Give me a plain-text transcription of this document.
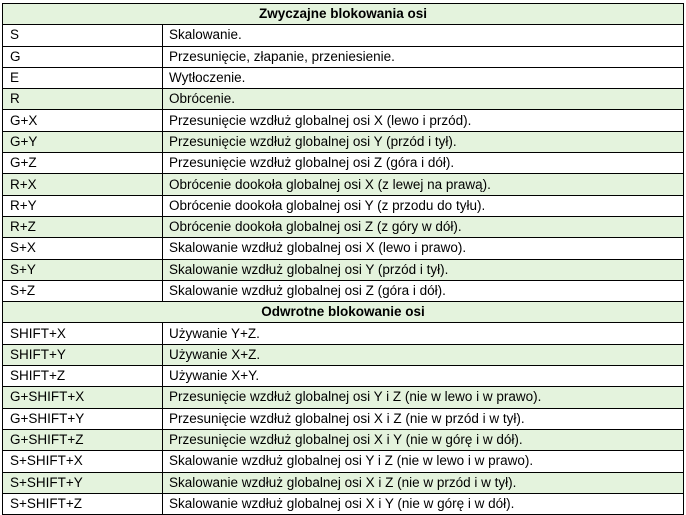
Zwyczajne blokowania osi	
S	Skalowanie.
G	Przesunięcie, złapanie, przeniesienie.
E	Wytłoczenie.
R	Obrócenie.
G+X	Przesunięcie wzdłuż globalnej osi X (lewo i przód).
G+Y	Przesunięcie wzdłuż globalnej osi Y (przód i tył).
G+Z	Przesunięcie wzdłuż globalnej osi Z (góra i dół).
R+X	Obrócenie dookoła globalnej osi X (z lewej na prawą).
R+Y	Obrócenie dookoła globalnej osi Y (z przodu do tyłu).
R+Z	Obrócenie dookoła globalnej osi Z (z góry w dół).
S+X	Skalowanie wzdłuż globalnej osi X (lewo i prawo).
S+Y	Skalowanie wzdłuż globalnej osi Y (przód i tył).
S+Z	Skalowanie wzdłuż globalnej osi Z (góra i dół).
Odwrotne blokowanie osi	
SHIFT+X	Używanie Y+Z.
SHIFT+Y	Używanie X+Z.
SHIFT+Z	Używanie X+Y.
G+SHIFT+X	Przesunięcie wzdłuż globalnej osi Y i Z (nie w lewo i w prawo).
G+SHIFT+Y	Przesunięcie wzdłuż globalnej osi X i Z (nie w przód i w tył).
G+SHIFT+Z	Przesunięcie wzdłuż globalnej osi X i Y (nie w górę i w dół).
S+SHIFT+X	Skalowanie wzdłuż globalnej osi Y i Z (nie w lewo i w prawo).
S+SHIFT+Y	Skalowanie wzdłuż globalnej osi X i Z (nie w przód i w tył).
S+SHIFT+Z	Skalowanie wzdłuż globalnej osi X i Y (nie w górę i w dół).
